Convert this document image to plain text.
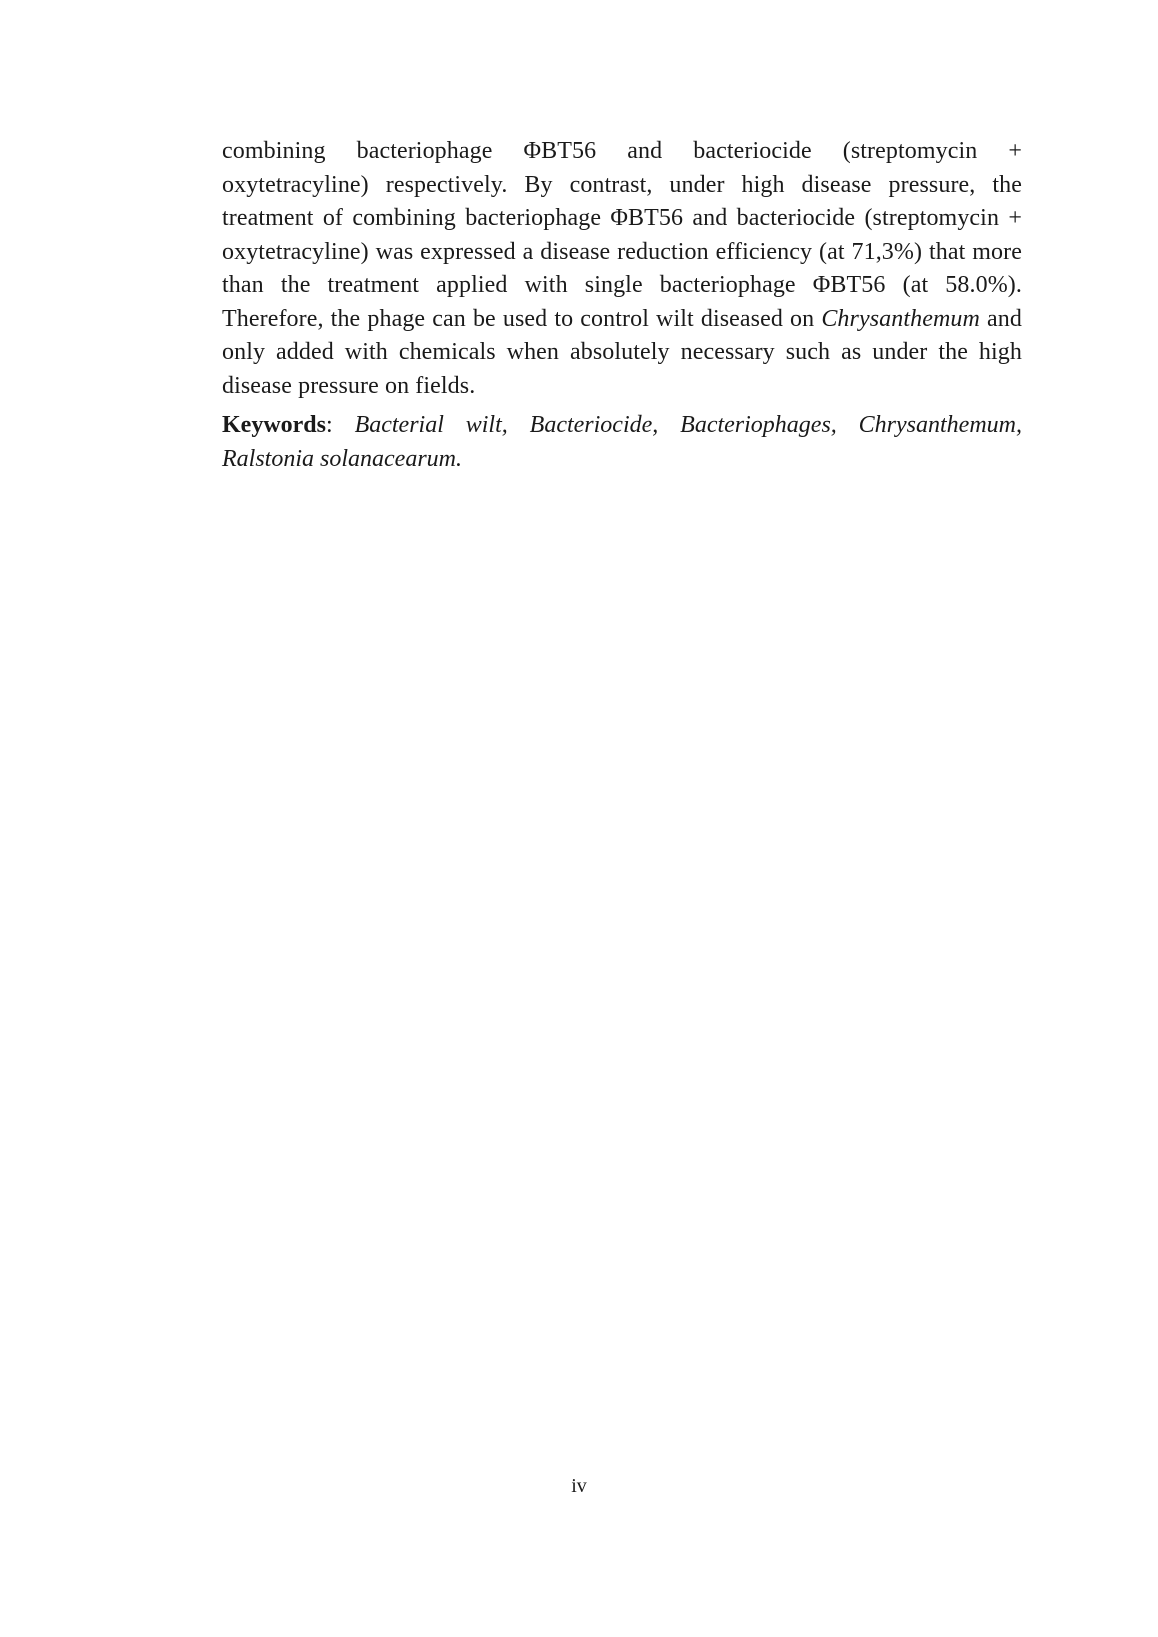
combining bacteriophage ΦBT56 and bacteriocide (streptomycin + oxytetracyline) respectively. By contrast, under high disease pressure, the treatment of combining bacteriophage ΦBT56 and bacteriocide (streptomycin + oxytetracyline) was expressed a disease reduction efficiency (at 71,3%) that more than the treatment applied with single bacteriophage ΦBT56 (at 58.0%). Therefore, the phage can be used to control wilt diseased on Chrysanthemum and only added with chemicals when absolutely necessary such as under the high disease pressure on fields.

Keywords: Bacterial wilt, Bacteriocide, Bacteriophages, Chrysanthemum, Ralstonia solanacearum.

iv
